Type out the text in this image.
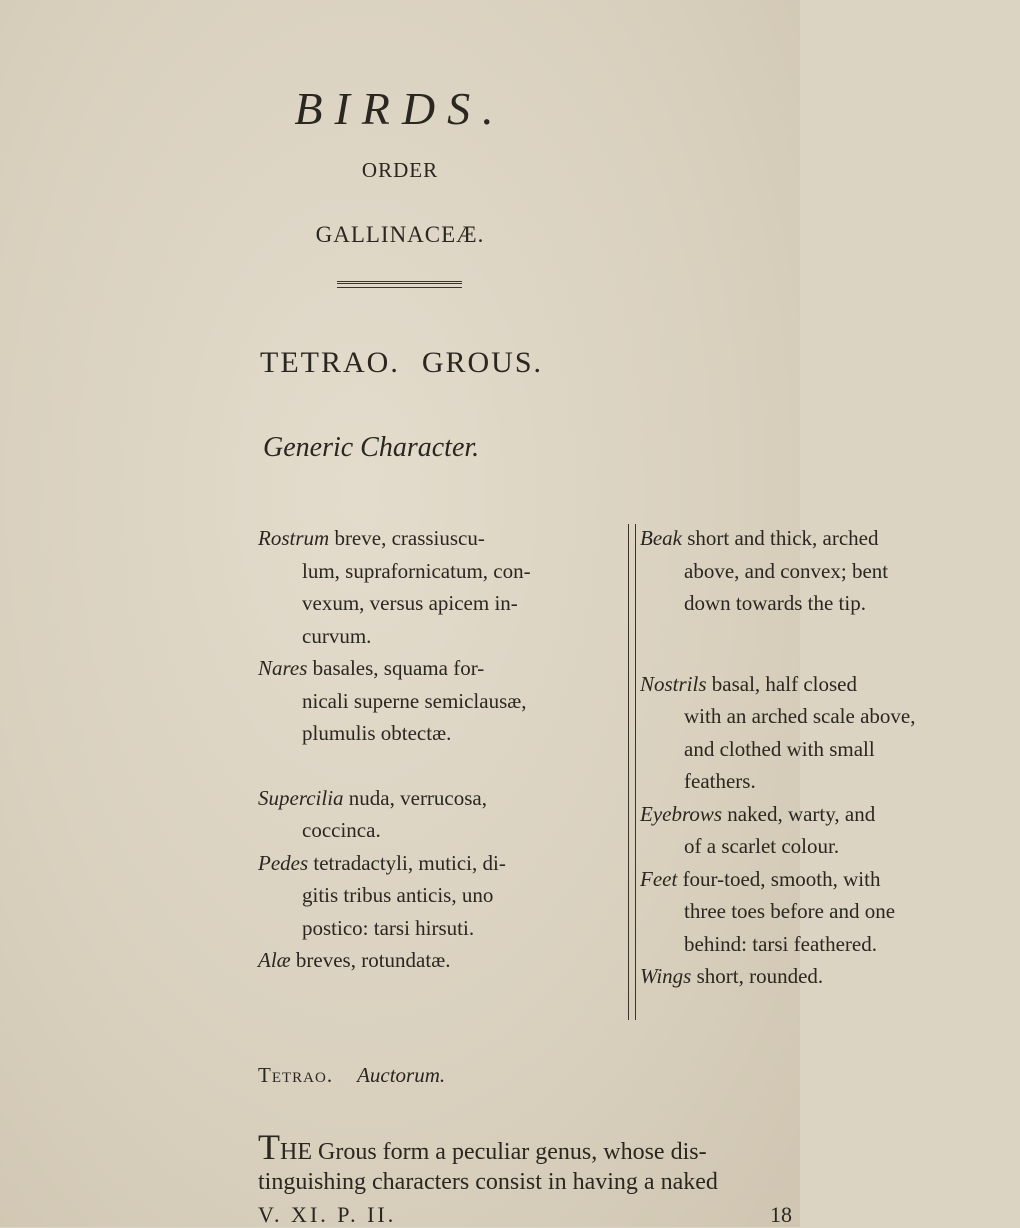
BIRDS.
ORDER
GALLINACEÆ.
TETRAO. GROUS.
Generic Character.
Rostrum breve, crassiuscu-
lum, suprafornicatum, con-
vexum, versus apicem in-
curvum.
Nares basales, squama for-
nicali superne semiclausæ,
plumulis obtectæ.
Supercilia nuda, verrucosa,
coccinca.
Pedes tetradactyli, mutici, di-
gitis tribus anticis, uno
postico: tarsi hirsuti.
Alæ breves, rotundatæ.
Beak short and thick, arched
above, and convex; bent
down towards the tip.
Nostrils basal, half closed
with an arched scale above,
and clothed with small
feathers.
Eyebrows naked, warty, and
of a scarlet colour.
Feet four-toed, smooth, with
three toes before and one
behind: tarsi feathered.
Wings short, rounded.
Tetrao. Auctorum.
THE Grous form a peculiar genus, whose dis-
tinguishing characters consist in having a naked
V. XI. P. II.	18
